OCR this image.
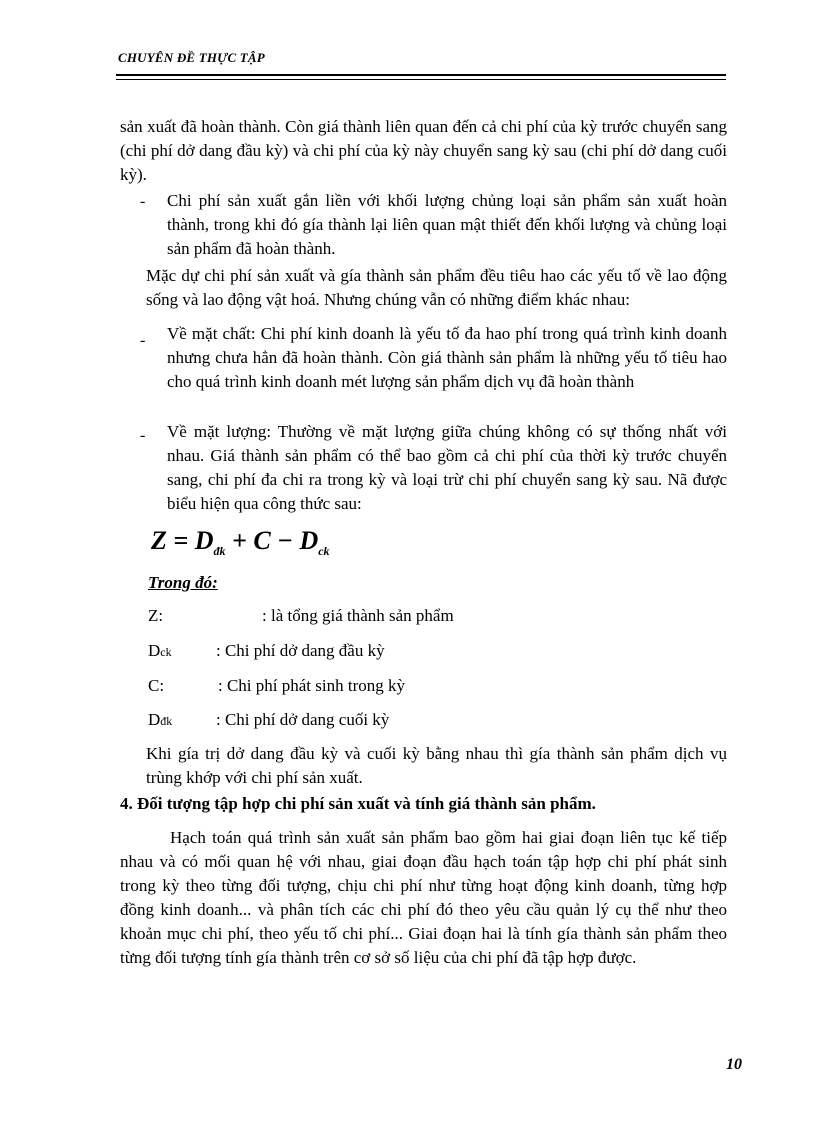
CHUYÊN ĐỀ THỰC TẬP

sản xuất đã hoàn thành. Còn giá thành liên quan đến cả chi phí của kỳ trước chuyển sang (chi phí dở dang đầu kỳ) và chi phí của kỳ này chuyển sang kỳ sau (chi phí dở dang cuối kỳ).

- Chi phí sản xuất gắn liền với khối lượng chủng loại sản phẩm sản xuất hoàn thành, trong khi đó gía thành lại liên quan mật thiết đến khối lượng và chủng loại sản phẩm đã hoàn thành.

Mặc dự chi phí sản xuất và gía thành sản phẩm đều tiêu hao các yếu tố về lao động sống và lao động vật hoá. Nhưng chúng vẫn có những điểm khác nhau:

- Về mặt chất: Chi phí kinh doanh là yếu tố đa hao phí trong quá trình kinh doanh nhưng chưa hẳn đã hoàn thành. Còn giá thành sản phẩm là những yếu tố tiêu hao cho quá trình kinh doanh mét lượng sản phẩm dịch vụ đã hoàn thành

- Về mặt lượng: Thường về mặt lượng giữa chúng không có sự thống nhất với nhau. Giá thành sản phẩm có thể bao gồm cả chi phí của thời kỳ trước chuyển sang, chi phí đa chi ra trong kỳ và loại trừ chi phí chuyển sang kỳ sau. Nã được biểu hiện qua công thức sau:

$Z = D_{đk} + C - D_{ck}$
Trong đó:
Z:	: là tổng giá thành sản phẩm
Dck	: Chi phí dở dang đầu kỳ
C:	: Chi phí phát sinh trong kỳ
Dđk	: Chi phí dở dang cuối kỳ

Khi gía trị dở dang đầu kỳ và cuối kỳ bằng nhau thì gía thành sản phẩm dịch vụ trùng khớp với chi phí sản xuất.

4. Đối tượng tập hợp chi phí sản xuất và tính giá thành sản phẩm.

Hạch toán quá trình sản xuất sản phẩm bao gồm hai giai đoạn liên tục kế tiếp nhau và có mối quan hệ với nhau, giai đoạn đầu hạch toán tập hợp chi phí phát sinh trong kỳ theo từng đối tượng, chịu chi phí như từng hoạt động kinh doanh, từng hợp đồng kinh doanh... và phân tích các chi phí đó theo yêu cầu quản lý cụ thể như theo khoản mục chi phí, theo yếu tố chi phí... Giai đoạn hai là tính gía thành sản phẩm theo từng đối tượng tính gía thành trên cơ sở số liệu của chi phí đã tập hợp được.

10
